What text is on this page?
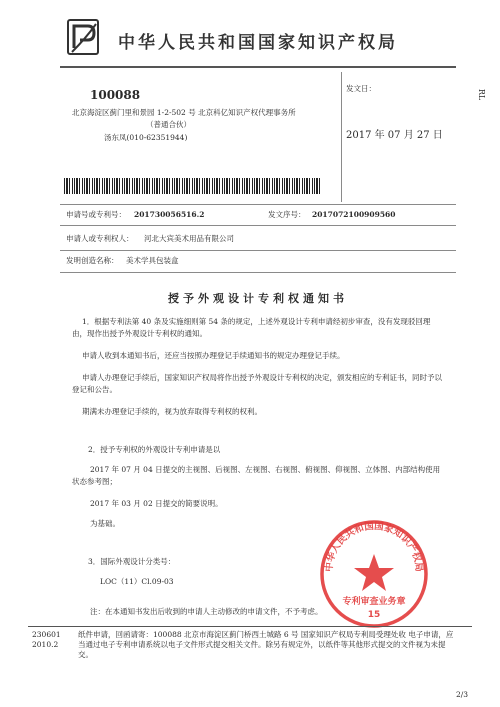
中华人民共和国国家知识产权局
100088
北京海淀区蓟门里和景园 1-2-502 号 北京科亿知识产权代理事务所
（普通合伙）
汤东凤(010-62351944)
发文日：
2017 年 07 月 27 日
RL
申请号或专利号： 201730056516.2	发文序号： 2017072100909560
申请人或专利权人： 河北大宾美术用品有限公司
发明创造名称： 美术学具包装盒
授予外观设计专利权通知书
1．根据专利法第 40 条及实施细则第 54 条的规定，上述外观设计专利申请经初步审查，没有发现驳回理由，现作出授予外观设计专利权的通知。
申请人收到本通知书后，还应当按照办理登记手续通知书的规定办理登记手续。
申请人办理登记手续后，国家知识产权局将作出授予外观设计专利权的决定，颁发相应的专利证书，同时予以登记和公告。
期满未办理登记手续的，视为放弃取得专利权的权利。
2．授予专利权的外观设计专利申请是以
2017 年 07 月 04 日提交的主视图、后视图、左视图、右视图、俯视图、仰视图、立体图、内部结构使用状态参考图；
2017 年 03 月 02 日提交的简要说明。
为基础。
3．国际外观设计分类号：
LOC（11）Cl.09-03
注：在本通知书发出后收到的申请人主动修改的申请文件，不予考虑。
中华人民共和国国家知识产权局
专利审查业务章
15
230601
2010.2
纸件申请，回函请寄：100088 北京市海淀区蓟门桥西土城路 6 号 国家知识产权局专利局受理处收 电子申请，应当通过电子专利申请系统以电子文件形式提交相关文件。除另有规定外，以纸件等其他形式提交的文件视为未提交。
2/3
